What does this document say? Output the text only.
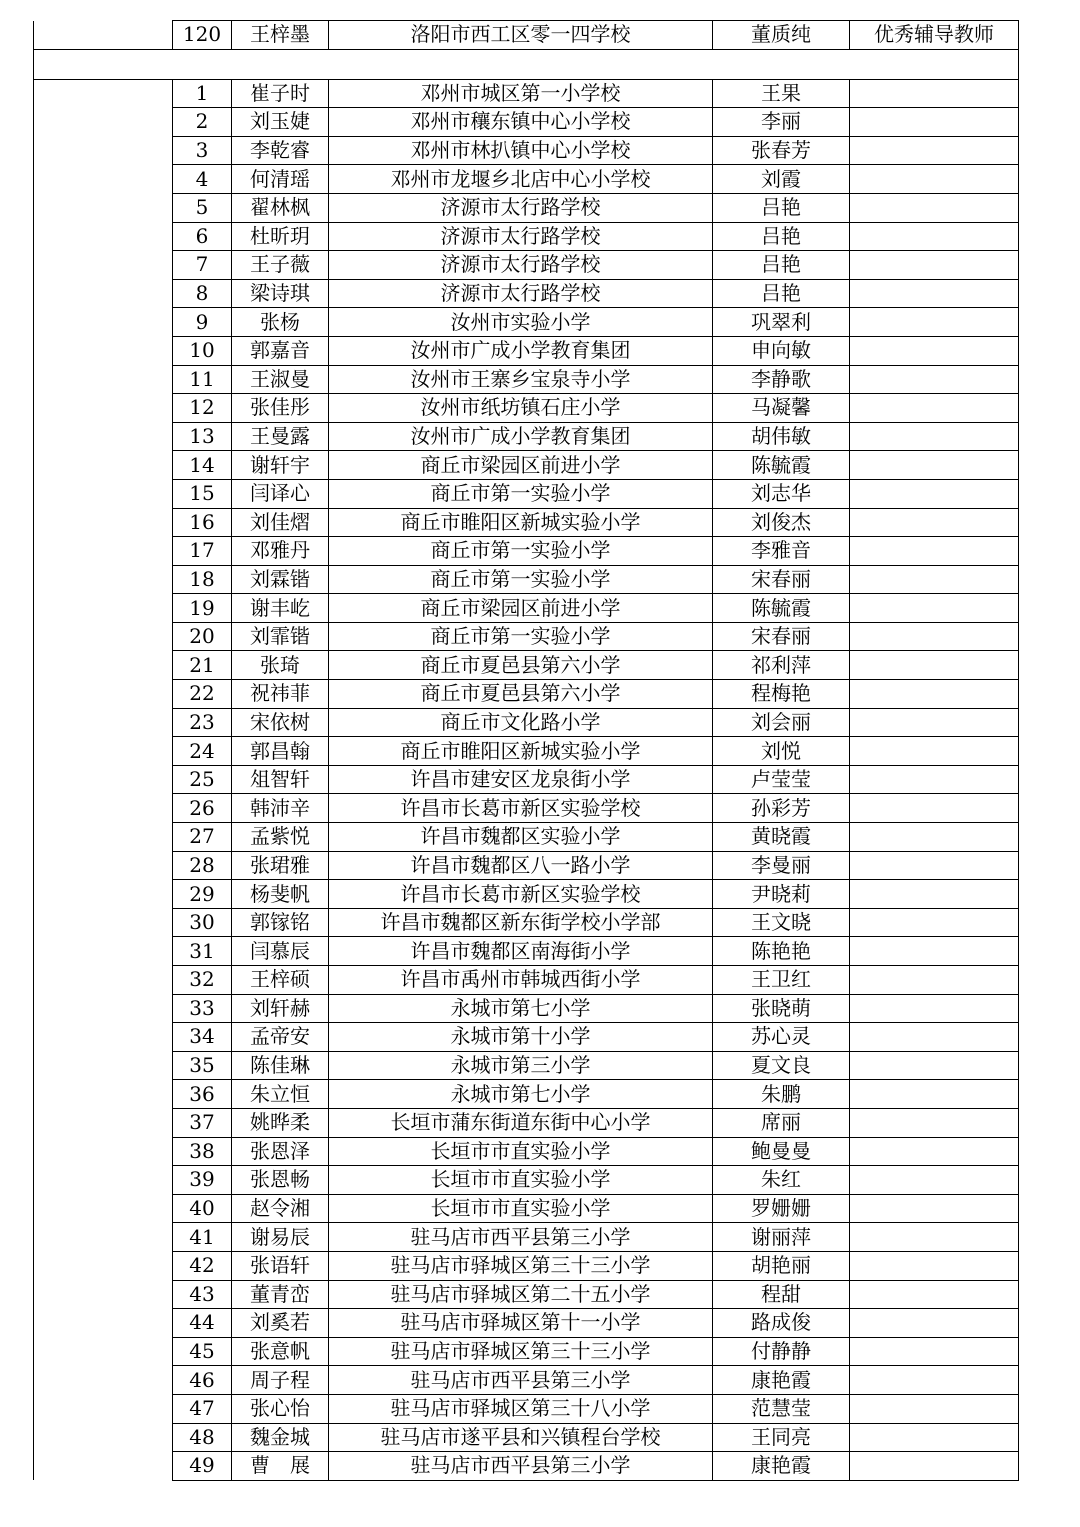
	120	王梓墨	洛阳市西工区零一四学校	董质纯	优秀辅导教师

	1	崔子时	邓州市城区第一小学校	王果	
	2	刘玉婕	邓州市穰东镇中心小学校	李丽	
	3	李乾睿	邓州市林扒镇中心小学校	张春芳	
	4	何清瑶	邓州市龙堰乡北店中心小学校	刘霞	
	5	翟林枫	济源市太行路学校	吕艳	
	6	杜昕玥	济源市太行路学校	吕艳	
	7	王子薇	济源市太行路学校	吕艳	
	8	梁诗琪	济源市太行路学校	吕艳	
	9	张杨	汝州市实验小学	巩翠利	
	10	郭嘉音	汝州市广成小学教育集团	申向敏	
	11	王淑曼	汝州市王寨乡宝泉寺小学	李静歌	
	12	张佳彤	汝州市纸坊镇石庄小学	马凝馨	
	13	王曼露	汝州市广成小学教育集团	胡伟敏	
	14	谢轩宇	商丘市梁园区前进小学	陈毓霞	
	15	闫译心	商丘市第一实验小学	刘志华	
	16	刘佳熠	商丘市睢阳区新城实验小学	刘俊杰	
	17	邓雅丹	商丘市第一实验小学	李雅音	
	18	刘霖锴	商丘市第一实验小学	宋春丽	
	19	谢丰屹	商丘市梁园区前进小学	陈毓霞	
	20	刘霏锴	商丘市第一实验小学	宋春丽	
	21	张琦	商丘市夏邑县第六小学	祁利萍	
	22	祝祎菲	商丘市夏邑县第六小学	程梅艳	
	23	宋依树	商丘市文化路小学	刘会丽	
	24	郭昌翰	商丘市睢阳区新城实验小学	刘悦	
	25	俎智轩	许昌市建安区龙泉街小学	卢莹莹	
	26	韩沛辛	许昌市长葛市新区实验学校	孙彩芳	
	27	孟紫悦	许昌市魏都区实验小学	黄晓霞	
	28	张珺雅	许昌市魏都区八一路小学	李曼丽	
	29	杨斐帆	许昌市长葛市新区实验学校	尹晓莉	
	30	郭镓铭	许昌市魏都区新东街学校小学部	王文晓	
	31	闫慕辰	许昌市魏都区南海街小学	陈艳艳	
	32	王梓硕	许昌市禹州市韩城西街小学	王卫红	
	33	刘轩赫	永城市第七小学	张晓萌	
	34	孟帝安	永城市第十小学	苏心灵	
	35	陈佳琳	永城市第三小学	夏文良	
	36	朱立恒	永城市第七小学	朱鹏	
	37	姚晔柔	长垣市蒲东街道东街中心小学	席丽	
	38	张恩泽	长垣市市直实验小学	鲍曼曼	
	39	张恩畅	长垣市市直实验小学	朱红	
	40	赵令湘	长垣市市直实验小学	罗姗姗	
	41	谢易辰	驻马店市西平县第三小学	谢丽萍	
	42	张语轩	驻马店市驿城区第三十三小学	胡艳丽	
	43	董青峦	驻马店市驿城区第二十五小学	程甜	
	44	刘奚若	驻马店市驿城区第十一小学	路成俊	
	45	张意帆	驻马店市驿城区第三十三小学	付静静	
	46	周子程	驻马店市西平县第三小学	康艳霞	
	47	张心怡	驻马店市驿城区第三十八小学	范慧莹	
	48	魏金城	驻马店市遂平县和兴镇程台学校	王同亮	
	49	曹　展	驻马店市西平县第三小学	康艳霞	
